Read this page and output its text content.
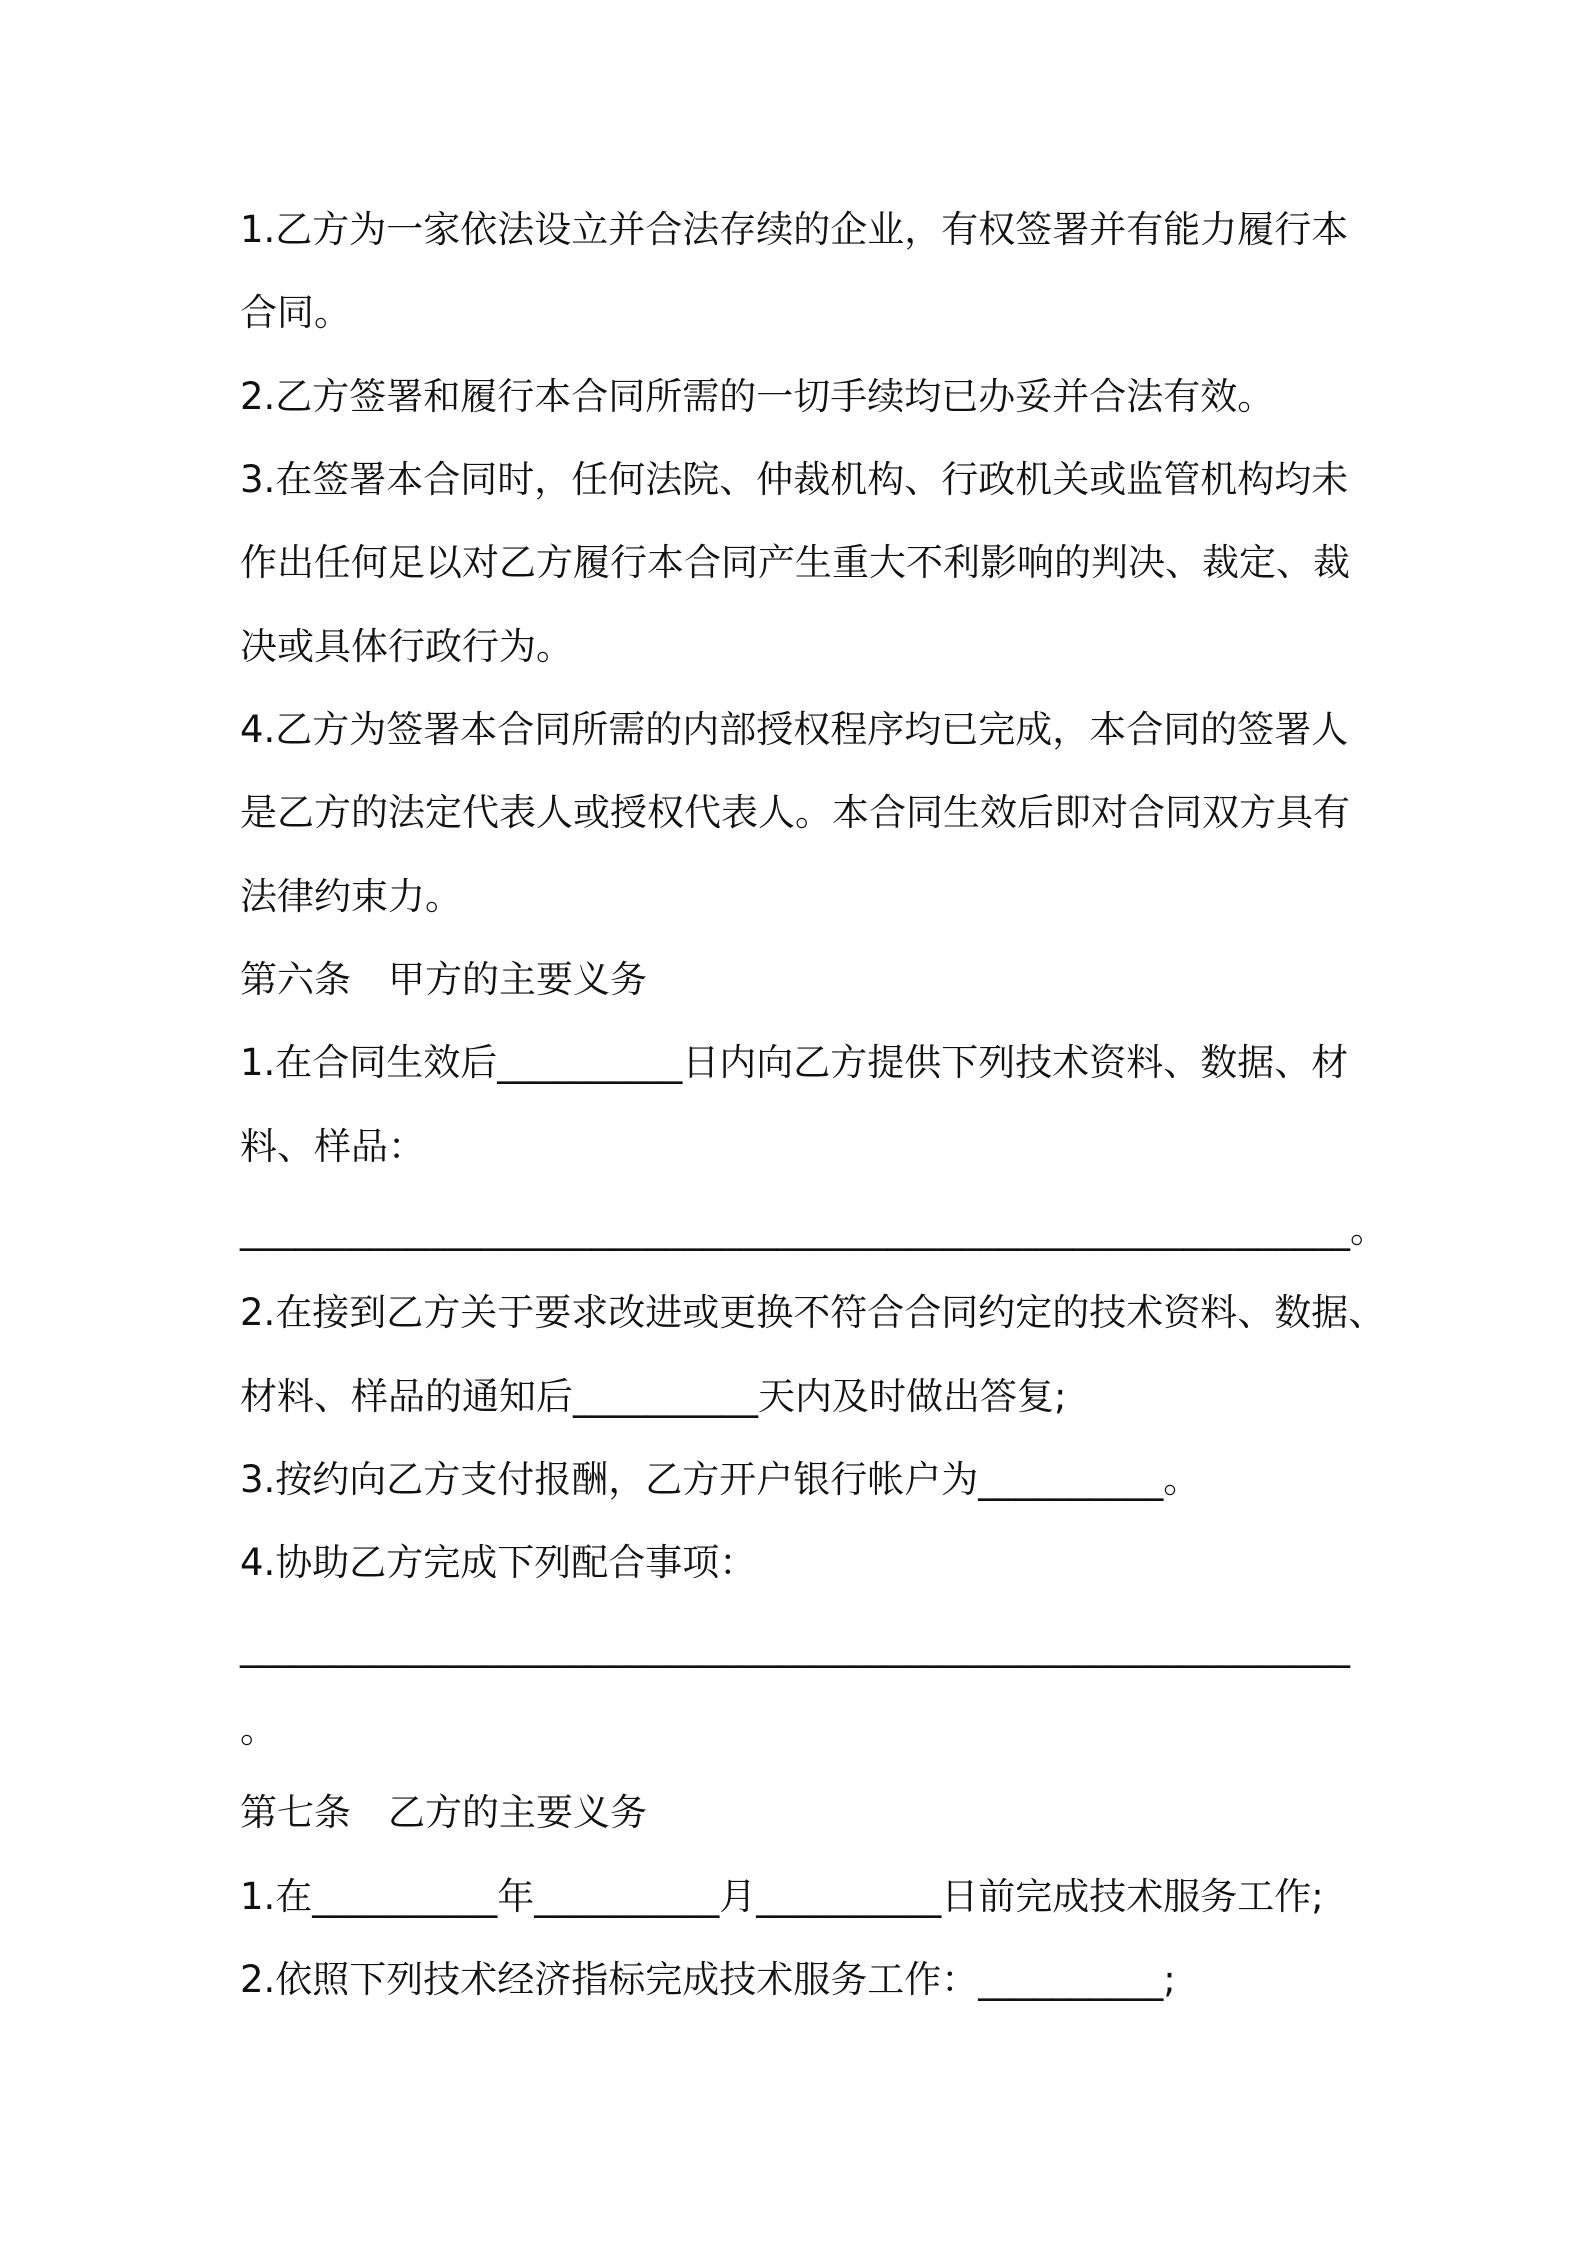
1.乙方为一家依法设立并合法存续的企业，有权签署并有能力履行本

合同。

2.乙方签署和履行本合同所需的一切手续均已办妥并合法有效。

3.在签署本合同时，任何法院、仲裁机构、行政机关或监管机构均未

作出任何足以对乙方履行本合同产生重大不利影响的判决、裁定、裁

决或具体行政行为。

4.乙方为签署本合同所需的内部授权程序均已完成，本合同的签署人

是乙方的法定代表人或授权代表人。本合同生效后即对合同双方具有

法律约束力。

第六条　甲方的主要义务

1.在合同生效后__________日内向乙方提供下列技术资料、数据、材

料、样品：

____________________________________________________________。

2.在接到乙方关于要求改进或更换不符合合同约定的技术资料、数据、

材料、样品的通知后__________天内及时做出答复;

3.按约向乙方支付报酬，乙方开户银行帐户为__________。

4.协助乙方完成下列配合事项：

____________________________________________________________

。

第七条　乙方的主要义务

1.在__________年__________月__________日前完成技术服务工作;

2.依照下列技术经济指标完成技术服务工作：__________;
